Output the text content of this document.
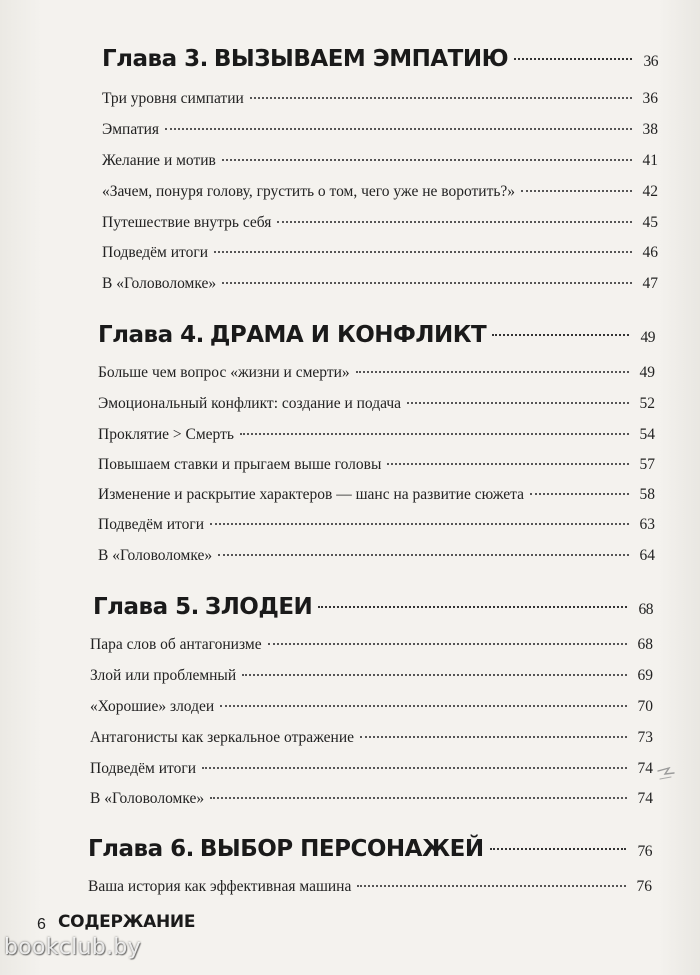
Глава 3. ВЫЗЫВАЕМ ЭМПАТИЮ	36
Три уровня симпатии	36
Эмпатия	38
Желание и мотив	41
«Зачем, понуря голову, грустить о том, чего уже не воротить?»	42
Путешествие внутрь себя	45
Подведём итоги	46
В «Головоломке»	47
Глава 4. ДРАМА И КОНФЛИКТ	49
Больше чем вопрос «жизни и смерти»	49
Эмоциональный конфликт: создание и подача	52
Проклятие > Смерть	54
Повышаем ставки и прыгаем выше головы	57
Изменение и раскрытие характеров — шанс на развитие сюжета	58
Подведём итоги	63
В «Головоломке»	64
Глава 5. ЗЛОДЕИ	68
Пара слов об антагонизме	68
Злой или проблемный	69
«Хорошие» злодеи	70
Антагонисты как зеркальное отражение	73
Подведём итоги	74
В «Головоломке»	74
Глава 6. ВЫБОР ПЕРСОНАЖЕЙ	76
Ваша история как эффективная машина	76
6 СОДЕРЖАНИЕ
bookclub.by
